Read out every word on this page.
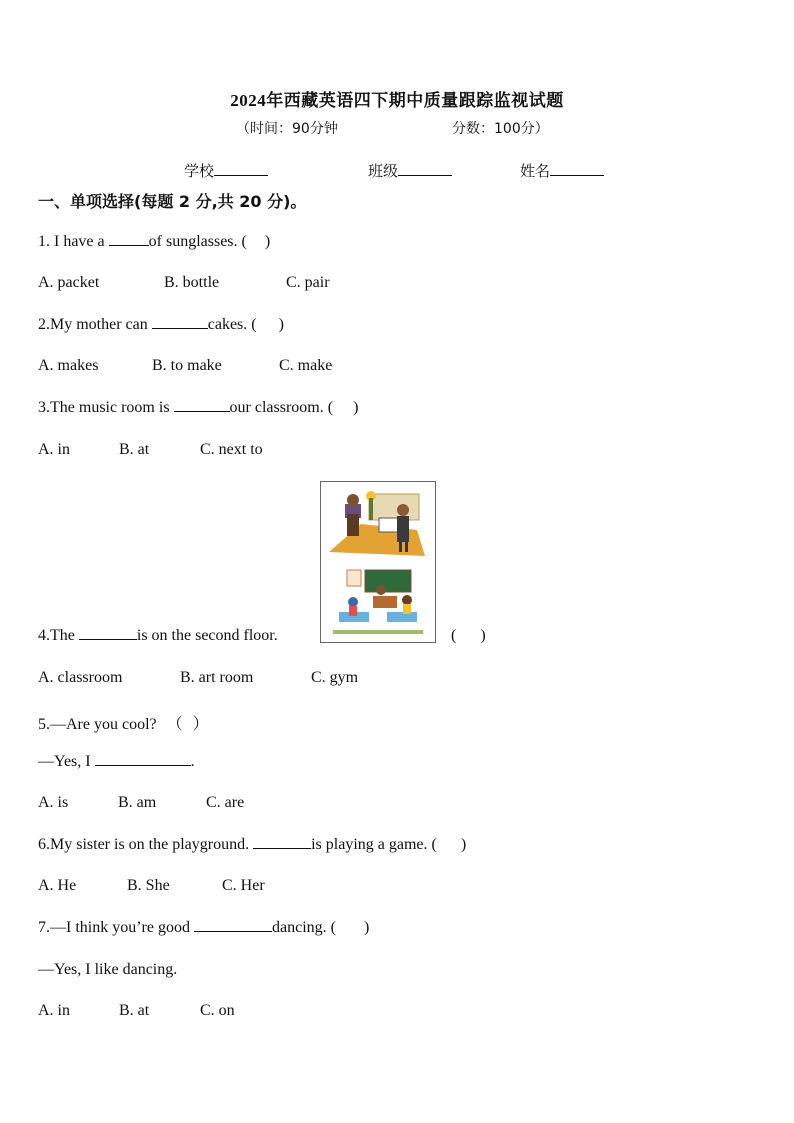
2024年西藏英语四下期中质量跟踪监视试题
（时间：90分钟	分数：100分）
学校	班级	姓名
一、单项选择(每题 2 分,共 20 分)。
1. I have a	of sunglasses. ( )
A. packet	B. bottle	C. pair
2.My mother can	cakes. ( )
A. makes	B. to make	C. make
3.The music room is	our classroom. ( )
A. in	B. at	C. next to
4.The	is on the second floor.	( )
A. classroom	B. art room	C. gym
5.—Are you cool? （ ）
—Yes, I	.
A. is	B. am	C. are
6.My sister is on the playground.	is playing a game. ( )
A. He	B. She	C. Her
7.—I think you’re good	dancing. ( )
—Yes, I like dancing.
A. in	B. at	C. on
